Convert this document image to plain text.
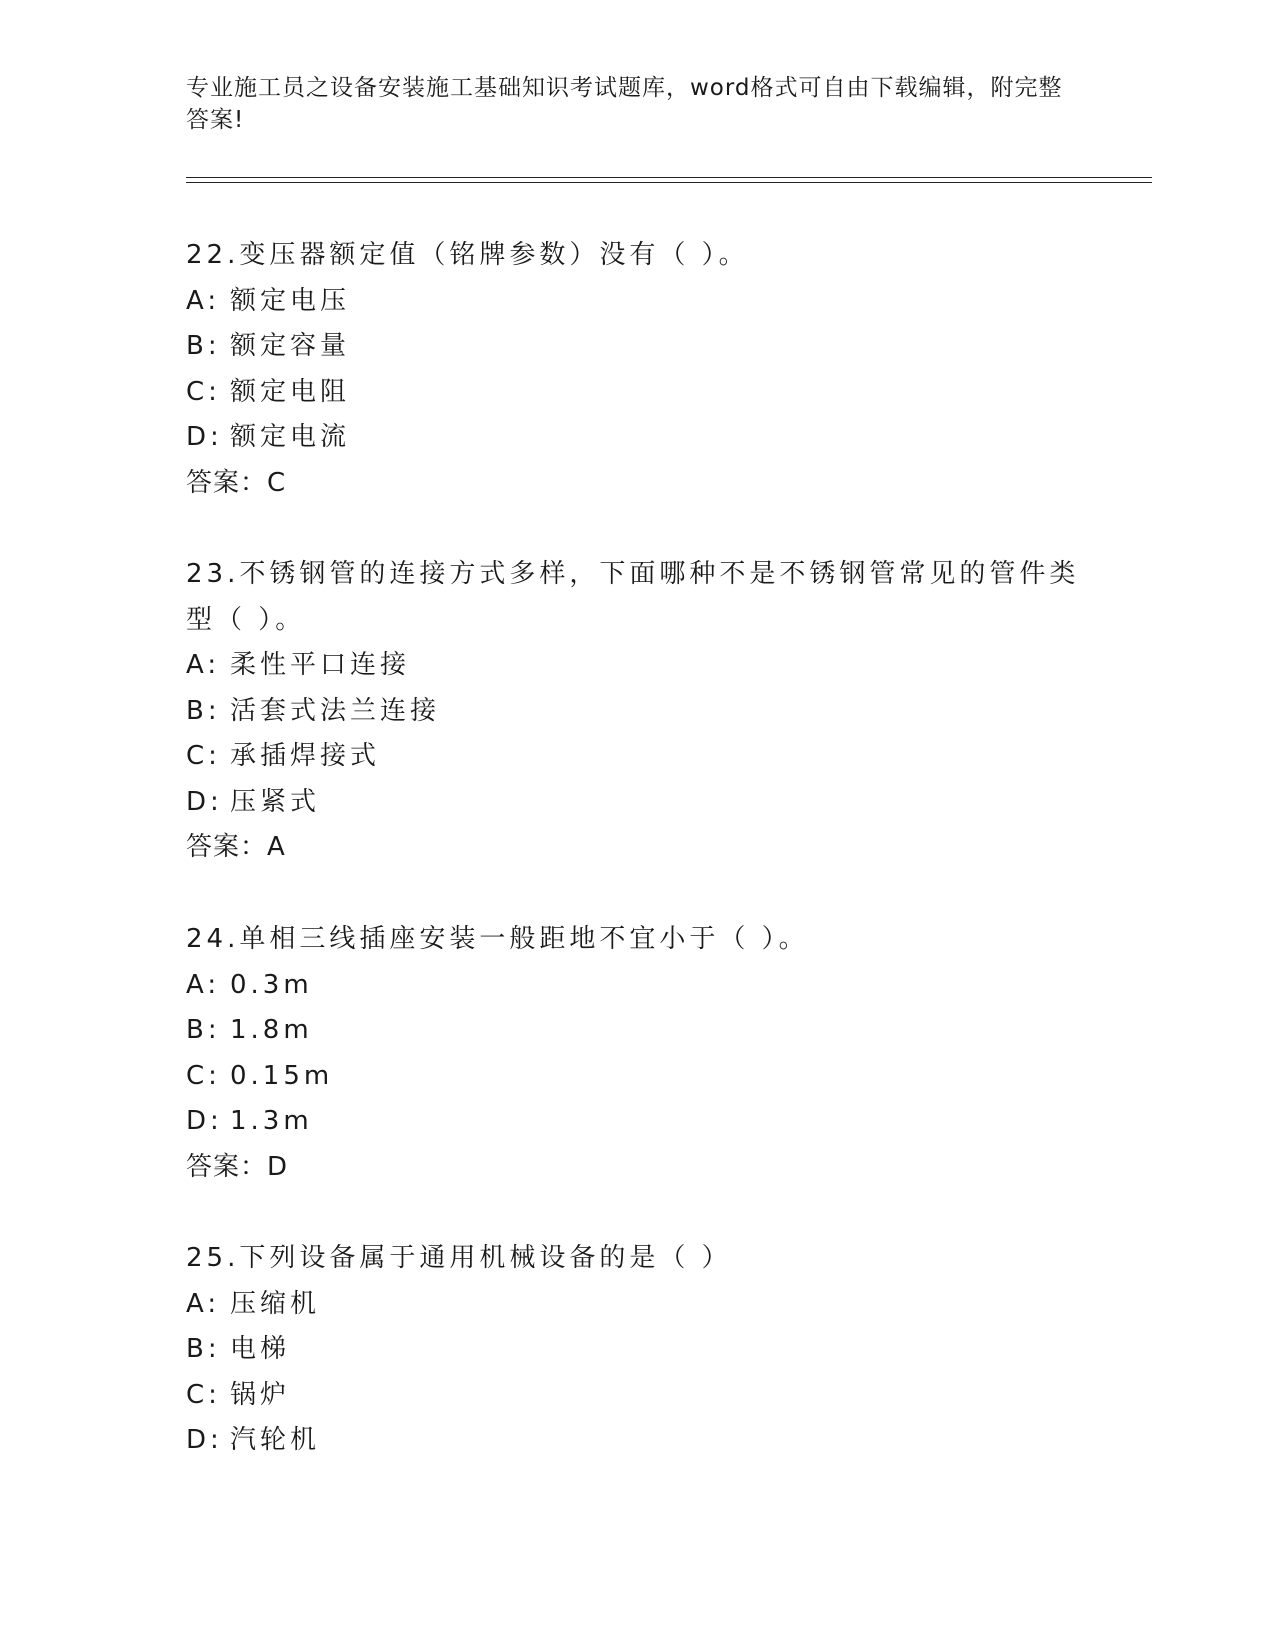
专业施工员之设备安装施工基础知识考试题库，word格式可自由下载编辑，附完整答案!
22.变压器额定值（铭牌参数）没有（ ）。
A: 额定电压
B: 额定容量
C: 额定电阻
D: 额定电流
答案：C
23.不锈钢管的连接方式多样，下面哪种不是不锈钢管常见的管件类型（ ）。
A: 柔性平口连接
B: 活套式法兰连接
C: 承插焊接式
D: 压紧式
答案：A
24.单相三线插座安装一般距地不宜小于（ ）。
A: 0.3m
B: 1.8m
C: 0.15m
D: 1.3m
答案：D
25.下列设备属于通用机械设备的是（ ）
A: 压缩机
B: 电梯
C: 锅炉
D: 汽轮机
